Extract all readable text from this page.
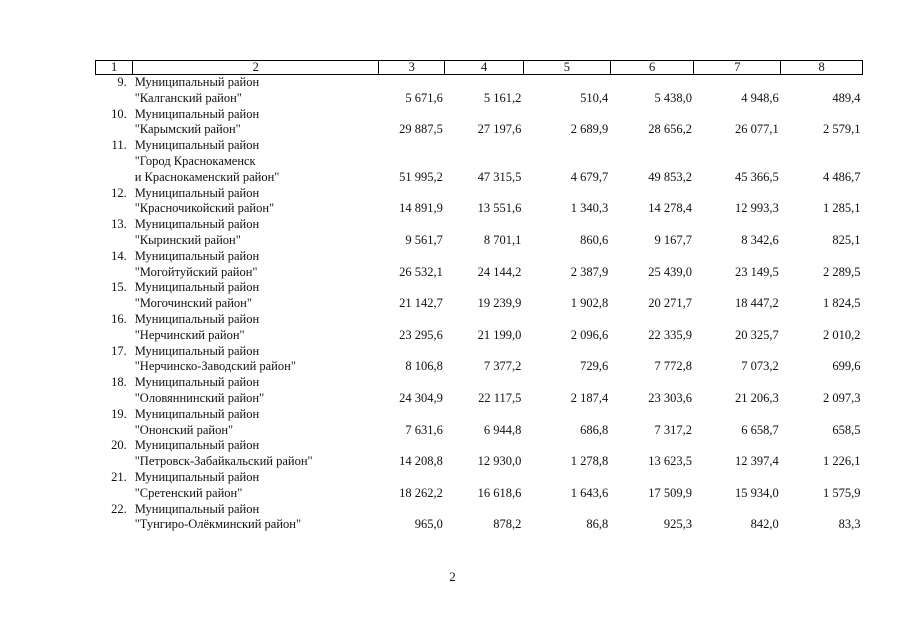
1	2	3	4	5	6	7	8
9.	Муниципальный район
"Калганский район"	5 671,6	5 161,2	510,4	5 438,0	4 948,6	489,4
10.	Муниципальный район
"Карымский район"	29 887,5	27 197,6	2 689,9	28 656,2	26 077,1	2 579,1
11.	Муниципальный район
"Город Краснокаменск
и Краснокаменский район"	51 995,2	47 315,5	4 679,7	49 853,2	45 366,5	4 486,7
12.	Муниципальный район
"Красночикойский район"	14 891,9	13 551,6	1 340,3	14 278,4	12 993,3	1 285,1
13.	Муниципальный район
"Кыринский район"	9 561,7	8 701,1	860,6	9 167,7	8 342,6	825,1
14.	Муниципальный район
"Могойтуйский район"	26 532,1	24 144,2	2 387,9	25 439,0	23 149,5	2 289,5
15.	Муниципальный район
"Могочинский район"	21 142,7	19 239,9	1 902,8	20 271,7	18 447,2	1 824,5
16.	Муниципальный район
"Нерчинский район"	23 295,6	21 199,0	2 096,6	22 335,9	20 325,7	2 010,2
17.	Муниципальный район
"Нерчинско-Заводский район"	8 106,8	7 377,2	729,6	7 772,8	7 073,2	699,6
18.	Муниципальный район
"Оловяннинский район"	24 304,9	22 117,5	2 187,4	23 303,6	21 206,3	2 097,3
19.	Муниципальный район
"Ононский район"	7 631,6	6 944,8	686,8	7 317,2	6 658,7	658,5
20.	Муниципальный район
"Петровск-Забайкальский район"	14 208,8	12 930,0	1 278,8	13 623,5	12 397,4	1 226,1
21.	Муниципальный район
"Сретенский район"	18 262,2	16 618,6	1 643,6	17 509,9	15 934,0	1 575,9
22.	Муниципальный район
"Тунгиро-Олёкминский район"	965,0	878,2	86,8	925,3	842,0	83,3
2
